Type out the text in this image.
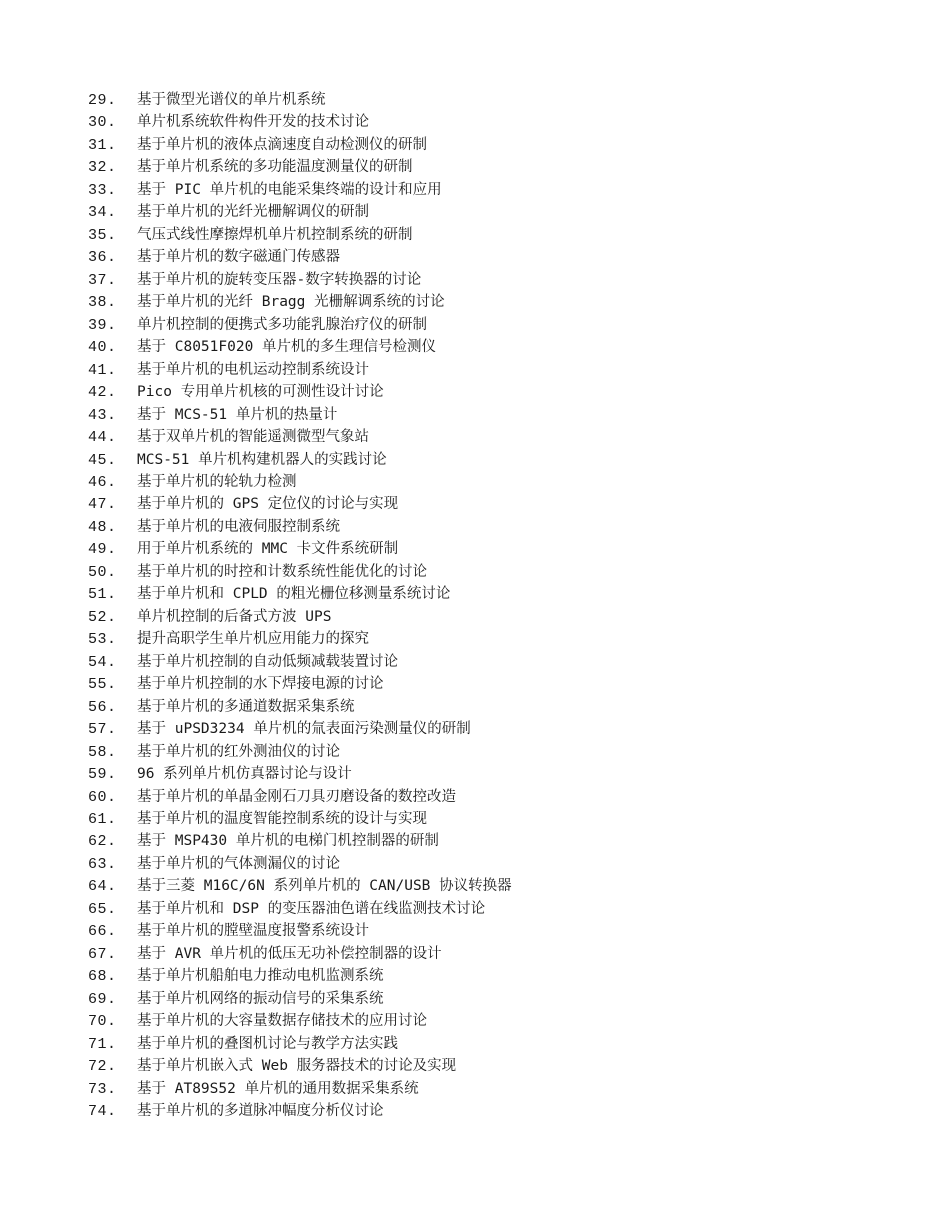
29.	基于微型光谱仪的单片机系统
30.	单片机系统软件构件开发的技术讨论
31.	基于单片机的液体点滴速度自动检测仪的研制
32.	基于单片机系统的多功能温度测量仪的研制
33.	基于 PIC 单片机的电能采集终端的设计和应用
34.	基于单片机的光纤光栅解调仪的研制
35.	气压式线性摩擦焊机单片机控制系统的研制
36.	基于单片机的数字磁通门传感器
37.	基于单片机的旋转变压器-数字转换器的讨论
38.	基于单片机的光纤 Bragg 光栅解调系统的讨论
39.	单片机控制的便携式多功能乳腺治疗仪的研制
40.	基于 C8051F020 单片机的多生理信号检测仪
41.	基于单片机的电机运动控制系统设计
42.	Pico 专用单片机核的可测性设计讨论
43.	基于 MCS-51 单片机的热量计
44.	基于双单片机的智能遥测微型气象站
45.	MCS-51 单片机构建机器人的实践讨论
46.	基于单片机的轮轨力检测
47.	基于单片机的 GPS 定位仪的讨论与实现
48.	基于单片机的电液伺服控制系统
49.	用于单片机系统的 MMC 卡文件系统研制
50.	基于单片机的时控和计数系统性能优化的讨论
51.	基于单片机和 CPLD 的粗光栅位移测量系统讨论
52.	单片机控制的后备式方波 UPS
53.	提升高职学生单片机应用能力的探究
54.	基于单片机控制的自动低频减载装置讨论
55.	基于单片机控制的水下焊接电源的讨论
56.	基于单片机的多通道数据采集系统
57.	基于 uPSD3234 单片机的氚表面污染测量仪的研制
58.	基于单片机的红外测油仪的讨论
59.	96 系列单片机仿真器讨论与设计
60.	基于单片机的单晶金刚石刀具刃磨设备的数控改造
61.	基于单片机的温度智能控制系统的设计与实现
62.	基于 MSP430 单片机的电梯门机控制器的研制
63.	基于单片机的气体测漏仪的讨论
64.	基于三菱 M16C/6N 系列单片机的 CAN/USB 协议转换器
65.	基于单片机和 DSP 的变压器油色谱在线监测技术讨论
66.	基于单片机的膛壁温度报警系统设计
67.	基于 AVR 单片机的低压无功补偿控制器的设计
68.	基于单片机船舶电力推动电机监测系统
69.	基于单片机网络的振动信号的采集系统
70.	基于单片机的大容量数据存储技术的应用讨论
71.	基于单片机的叠图机讨论与教学方法实践
72.	基于单片机嵌入式 Web 服务器技术的讨论及实现
73.	基于 AT89S52 单片机的通用数据采集系统
74.	基于单片机的多道脉冲幅度分析仪讨论
